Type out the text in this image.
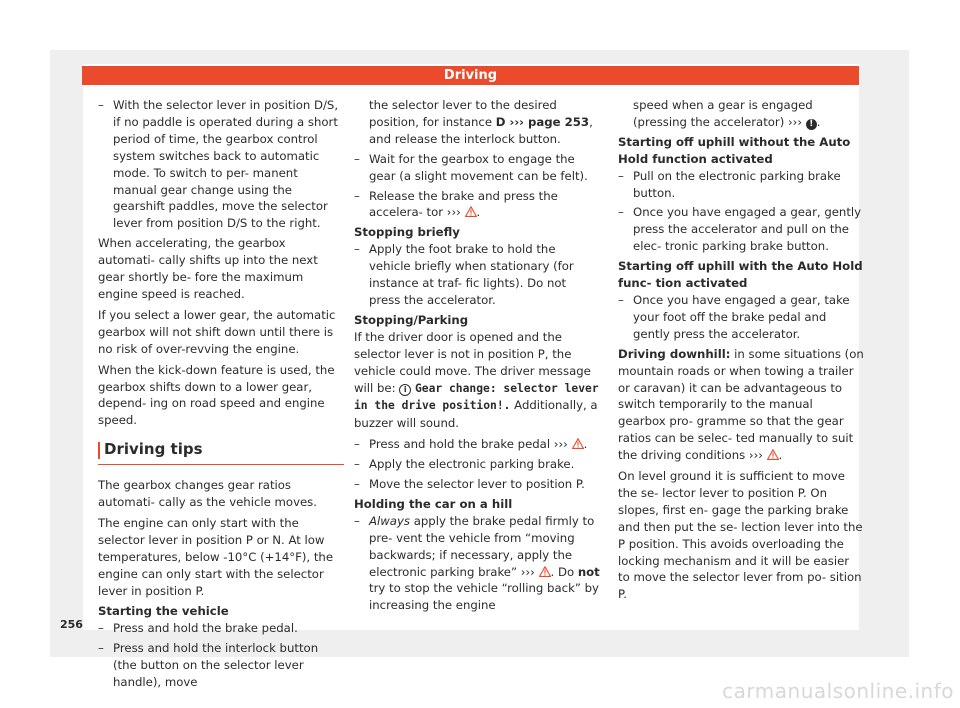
Driving
– With the selector lever in position D/S, if no paddle is operated during a short period of time, the gearbox control system switches back to automatic mode. To switch to per- manent manual gear change using the gearshift paddles, move the selector lever from position D/S to the right.

When accelerating, the gearbox automati- cally shifts up into the next gear shortly be- fore the maximum engine speed is reached.

If you select a lower gear, the automatic gearbox will not shift down until there is no risk of over-revving the engine.

When the kick-down feature is used, the gearbox shifts down to a lower gear, depend- ing on road speed and engine speed.

Driving tips

The gearbox changes gear ratios automati- cally as the vehicle moves.

The engine can only start with the selector lever in position P or N. At low temperatures, below -10°C (+14°F), the engine can only start with the selector lever in position P.

Starting the vehicle

– Press and hold the brake pedal.
– Press and hold the interlock button (the button on the selector lever handle), move
the selector lever to the desired position, for instance D ››› page 253, and release the interlock button.
– Wait for the gearbox to engage the gear (a slight movement can be felt).
– Release the brake and press the accelera- tor ››› .

Stopping briefly

– Apply the foot brake to hold the vehicle briefly when stationary (for instance at traf- fic lights). Do not press the accelerator.

Stopping/Parking

If the driver door is opened and the selector lever is not in position P, the vehicle could move. The driver message will be: i Gear change: selector lever in the drive position!. Additionally, a buzzer will sound.

– Press and hold the brake pedal ››› .
– Apply the electronic parking brake.
– Move the selector lever to position P.

Holding the car on a hill

– Always apply the brake pedal firmly to pre- vent the vehicle from “moving backwards; if necessary, apply the electronic parking brake” ››› . Do not try to stop the vehicle “rolling back” by increasing the engine
speed when a gear is engaged (pressing the accelerator) ››› ! .

Starting off uphill without the Auto Hold function activated

– Pull on the electronic parking brake button.
– Once you have engaged a gear, gently press the accelerator and pull on the elec- tronic parking brake button.

Starting off uphill with the Auto Hold func- tion activated

– Once you have engaged a gear, take your foot off the brake pedal and gently press the accelerator.

Driving downhill: in some situations (on mountain roads or when towing a trailer or caravan) it can be advantageous to switch temporarily to the manual gearbox pro- gramme so that the gear ratios can be selec- ted manually to suit the driving conditions ››› .

On level ground it is sufficient to move the se- lector lever to position P. On slopes, first en- gage the parking brake and then put the se- lection lever into the P position. This avoids overloading the locking mechanism and it will be easier to move the selector lever from po- sition P.

256
carmanualsonline.info
